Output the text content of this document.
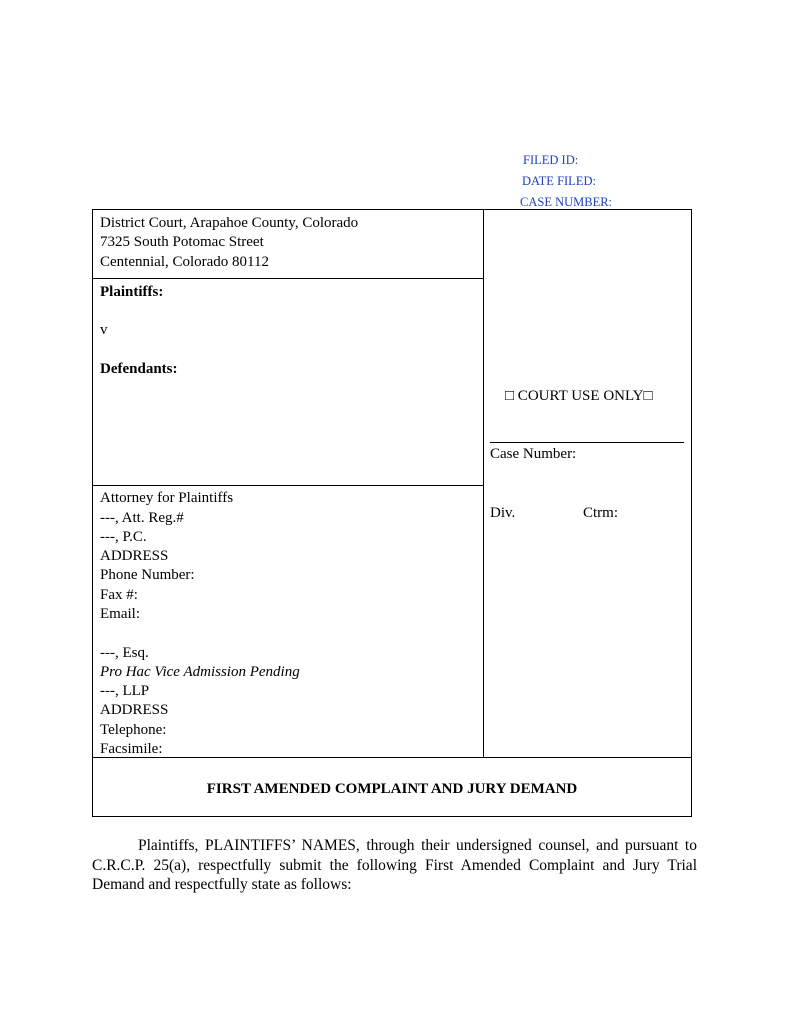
FILED ID:
DATE FILED:
CASE NUMBER:
District Court, Arapahoe County, Colorado
7325 South Potomac Street
Centennial, Colorado 80112
Plaintiffs:
v
Defendants:
Attorney for Plaintiffs
---, Att. Reg.#
---, P.C.
ADDRESS
Phone Number:
Fax #:
Email:
---, Esq.
Pro Hac Vice Admission Pending
---, LLP
ADDRESS
Telephone:
Facsimile:
□ COURT USE ONLY□
Case Number:
Div.	Ctrm:
FIRST AMENDED COMPLAINT AND JURY DEMAND
Plaintiffs, PLAINTIFFS’ NAMES, through their undersigned counsel, and pursuant to C.R.C.P. 25(a), respectfully submit the following First Amended Complaint and Jury Trial Demand and respectfully state as follows:
